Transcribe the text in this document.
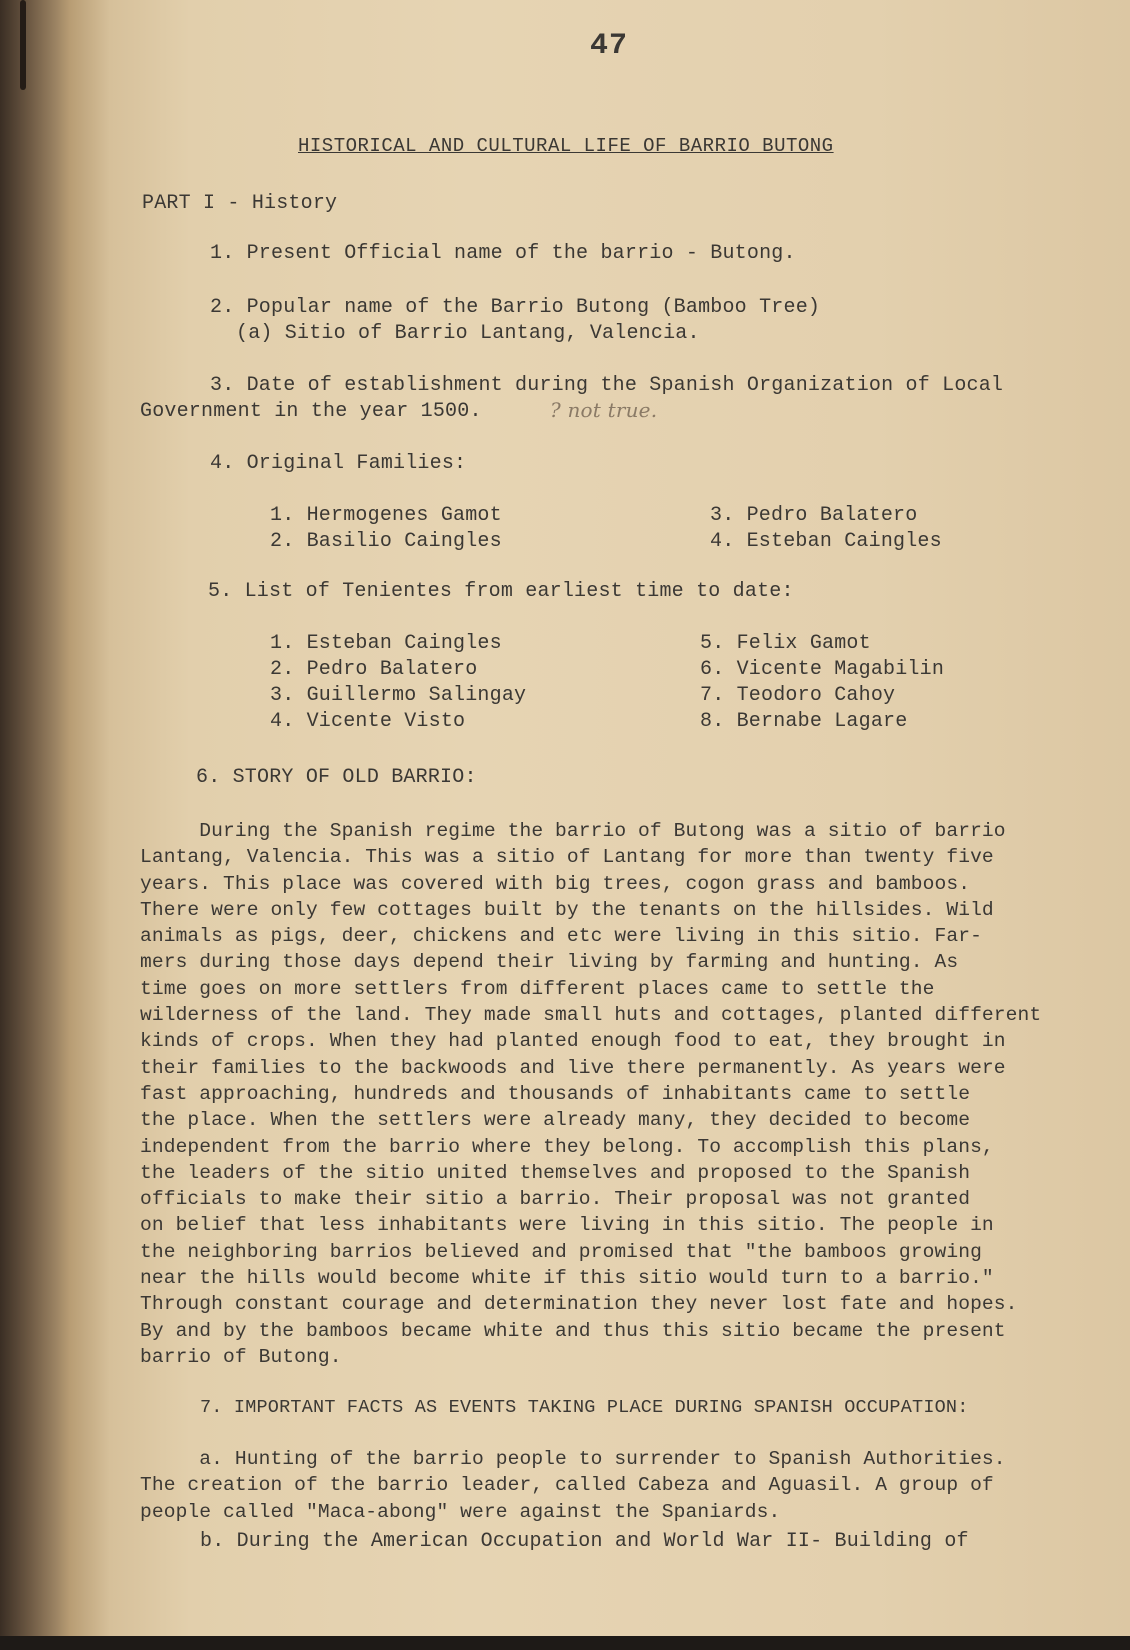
47
HISTORICAL AND CULTURAL LIFE OF BARRIO BUTONG
PART I - History
1. Present Official name of the barrio - Butong.
2. Popular name of the Barrio Butong (Bamboo Tree)
(a) Sitio of Barrio Lantang, Valencia.
3. Date of establishment during the Spanish Organization of Local
Government in the year 1500.	? not true.
4. Original Families:
1. Hermogenes Gamot
2. Basilio Caingles
3. Pedro Balatero
4. Esteban Caingles
5. List of Tenientes from earliest time to date:
1. Esteban Caingles
2. Pedro Balatero
3. Guillermo Salingay
4. Vicente Visto
5. Felix Gamot
6. Vicente Magabilin
7. Teodoro Cahoy
8. Bernabe Lagare
6. STORY OF OLD BARRIO:
During the Spanish regime the barrio of Butong was a sitio of barrio
Lantang, Valencia. This was a sitio of Lantang for more than twenty five
years. This place was covered with big trees, cogon grass and bamboos.
There were only few cottages built by the tenants on the hillsides. Wild
animals as pigs, deer, chickens and etc were living in this sitio. Far-
mers during those days depend their living by farming and hunting. As
time goes on more settlers from different places came to settle the
wilderness of the land. They made small huts and cottages, planted different
kinds of crops. When they had planted enough food to eat, they brought in
their families to the backwoods and live there permanently. As years were
fast approaching, hundreds and thousands of inhabitants came to settle
the place. When the settlers were already many, they decided to become
independent from the barrio where they belong. To accomplish this plans,
the leaders of the sitio united themselves and proposed to the Spanish
officials to make their sitio a barrio. Their proposal was not granted
on belief that less inhabitants were living in this sitio. The people in
the neighboring barrios believed and promised that "the bamboos growing
near the hills would become white if this sitio would turn to a barrio."
Through constant courage and determination they never lost fate and hopes.
By and by the bamboos became white and thus this sitio became the present
barrio of Butong.
7. IMPORTANT FACTS AS EVENTS TAKING PLACE DURING SPANISH OCCUPATION:
a. Hunting of the barrio people to surrender to Spanish Authorities.
The creation of the barrio leader, called Cabeza and Aguasil. A group of
people called "Maca-abong" were against the Spaniards.
b. During the American Occupation and World War II- Building of
